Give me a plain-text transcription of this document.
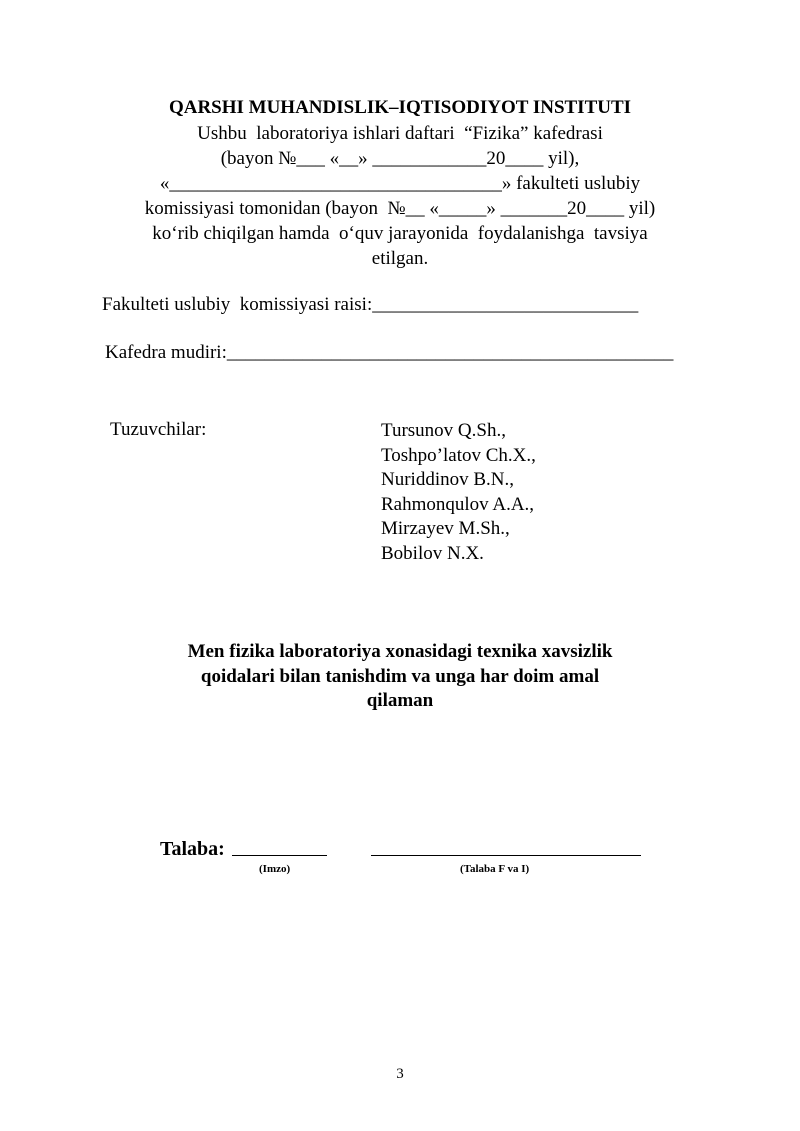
QARSHI MUHANDISLIK–IQTISODIYOT INSTITUTI
Ushbu  laboratoriya ishlari daftari  “Fizika” kafedrasi
(bayon №___ «__» ____________20____ yil),
«___________________________________» fakulteti uslubiy
komissiyasi tomonidan (bayon  №__ «_____» _______20____ yil)
ko‘rib chiqilgan hamda  o‘quv jarayonida  foydalanishga  tavsiya
etilgan.
Fakulteti uslubiy  komissiyasi raisi:____________________________
Kafedra mudiri:_______________________________________________
Tuzuvchilar:	Tursunov Q.Sh.,
Toshpo’latov Ch.X.,
Nuriddinov B.N.,
Rahmonqulov A.A.,
Mirzayev M.Sh.,
Bobilov N.X.
Men fizika laboratoriya xonasidagi texnika xavsizlik
qoidalari bilan tanishdim va unga har doim amal
qilaman
Talaba:
(Imzo)	(Talaba F va I)
3
